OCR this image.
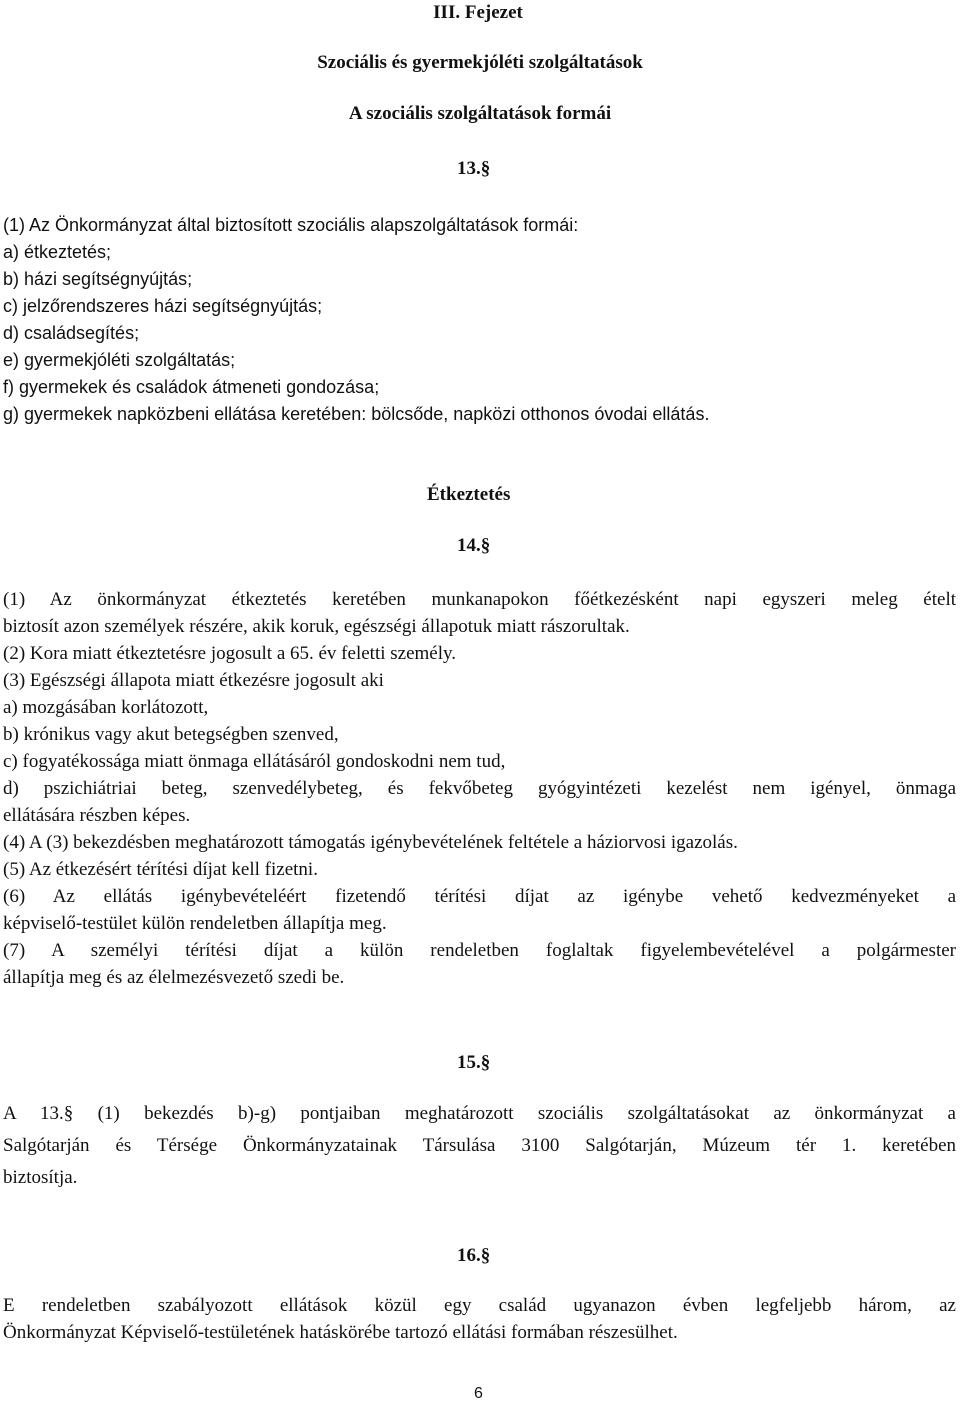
III. Fejezet
Szociális és gyermekjóléti szolgáltatások
A szociális szolgáltatások formái
13.§
(1) Az Önkormányzat által biztosított szociális alapszolgáltatások formái:
a) étkeztetés;
b) házi segítségnyújtás;
c) jelzőrendszeres házi segítségnyújtás;
d) családsegítés;
e) gyermekjóléti szolgáltatás;
f) gyermekek és családok átmeneti gondozása;
g) gyermekek napközbeni ellátása keretében: bölcsőde, napközi otthonos óvodai ellátás.
Étkeztetés
14.§
(1) Az önkormányzat étkeztetés keretében munkanapokon főétkezésként napi egyszeri meleg ételt
biztosít azon személyek részére, akik koruk, egészségi állapotuk miatt rászorultak.
(2) Kora miatt étkeztetésre jogosult a 65. év feletti személy.
(3) Egészségi állapota miatt étkezésre jogosult aki
a) mozgásában korlátozott,
b) krónikus vagy akut betegségben szenved,
c) fogyatékossága miatt önmaga ellátásáról gondoskodni nem tud,
d) pszichiátriai beteg, szenvedélybeteg, és fekvőbeteg gyógyintézeti kezelést nem igényel, önmaga
ellátására részben képes.
(4) A (3) bekezdésben meghatározott támogatás igénybevételének feltétele a háziorvosi igazolás.
(5) Az étkezésért térítési díjat kell fizetni.
(6) Az ellátás igénybevételéért fizetendő térítési díjat az igénybe vehető kedvezményeket a
képviselő-testület külön rendeletben állapítja meg.
(7) A személyi térítési díjat a külön rendeletben foglaltak figyelembevételével a polgármester
állapítja meg és az élelmezésvezető szedi be.
15.§
A 13.§ (1) bekezdés b)-g) pontjaiban meghatározott szociális szolgáltatásokat az önkormányzat a
Salgótarján és Térsége Önkormányzatainak Társulása 3100 Salgótarján, Múzeum tér 1. keretében
biztosítja.
16.§
E rendeletben szabályozott ellátások közül egy család ugyanazon évben legfeljebb három, az
Önkormányzat Képviselő-testületének hatáskörébe tartozó ellátási formában részesülhet.
6
